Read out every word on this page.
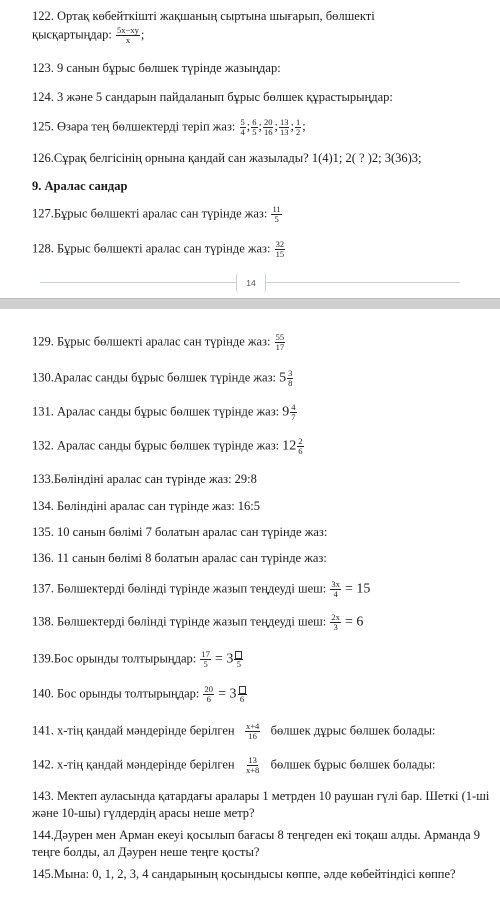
122. Ортақ көбейткішті жақшаның сыртына шығарып, бөлшекті
қысқартыңдар: $\frac{5x-xy}{x}$ ;
123. 9 санын бұрыс бөлшек түрінде жазыңдар:
124. 3 және 5 сандарын пайдаланып бұрыс бөлшек құрастырыңдар:
125. Өзара тең бөлшектерді теріп жаз: $\frac{5}{4}$ ; $\frac{6}{5}$ ; $\frac{20}{16}$ ; $\frac{13}{13}$ ; $\frac{1}{2}$ ;
126.Сұрақ белгісінің орнына қандай сан жазылады? 1(4)1; 2( ? )2; 3(36)3;
9. Аралас сандар
127.Бұрыс бөлшекті аралас сан түрінде жаз: $\frac{11}{5}$
128. Бұрыс бөлшекті аралас сан түрінде жаз: $\frac{32}{15}$
14
129. Бұрыс бөлшекті аралас сан түрінде жаз: $\frac{55}{17}$
130.Аралас санды бұрыс бөлшек түрінде жаз: $5 \frac{3}{8}$
131. Аралас санды бұрыс бөлшек түрінде жаз: $9 \frac{4}{7}$
132. Аралас санды бұрыс бөлшек түрінде жаз: $12 \frac{2}{6}$
133.Бөліндіні аралас сан түрінде жаз: 29:8
134. Бөліндіні аралас сан түрінде жаз: 16:5
135. 10 санын бөлімі 7 болатын аралас сан түрінде жаз:
136. 11 санын бөлімі 8 болатын аралас сан түрінде жаз:
137. Бөлшектерді бөлінді түрінде жазып теңдеуді шеш: $\frac{3x}{4} = 15$
138. Бөлшектерді бөлінді түрінде жазып теңдеуді шеш: $\frac{2x}{3} = 6$
139.Бос орынды толтырыңдар: $\frac{17}{5} = 3$ 5
140. Бос орынды толтырыңдар: $\frac{20}{6} = 3$ 6
141. x-тің қандай мәндерінде берілген $\frac{x+4}{16}$ бөлшек дұрыс бөлшек болады:
142. x-тің қандай мәндерінде берілген $\frac{13}{x+8}$ бөлшек бұрыс бөлшек болады:
143. Мектеп ауласында қатардағы аралары 1 метрден 10 раушан гүлі бар. Шеткі (1-ші және 10-шы) гүлдердің арасы неше метр?
144.Дәурен мен Арман екеуі қосылып бағасы 8 теңгеден екі тоқаш алды. Арманда 9 теңге болды, ал Дәурен неше теңге қосты?
145.Мына: 0, 1, 2, 3, 4 сандарының қосындысы көппе, әлде көбейтіндісі көппе?
